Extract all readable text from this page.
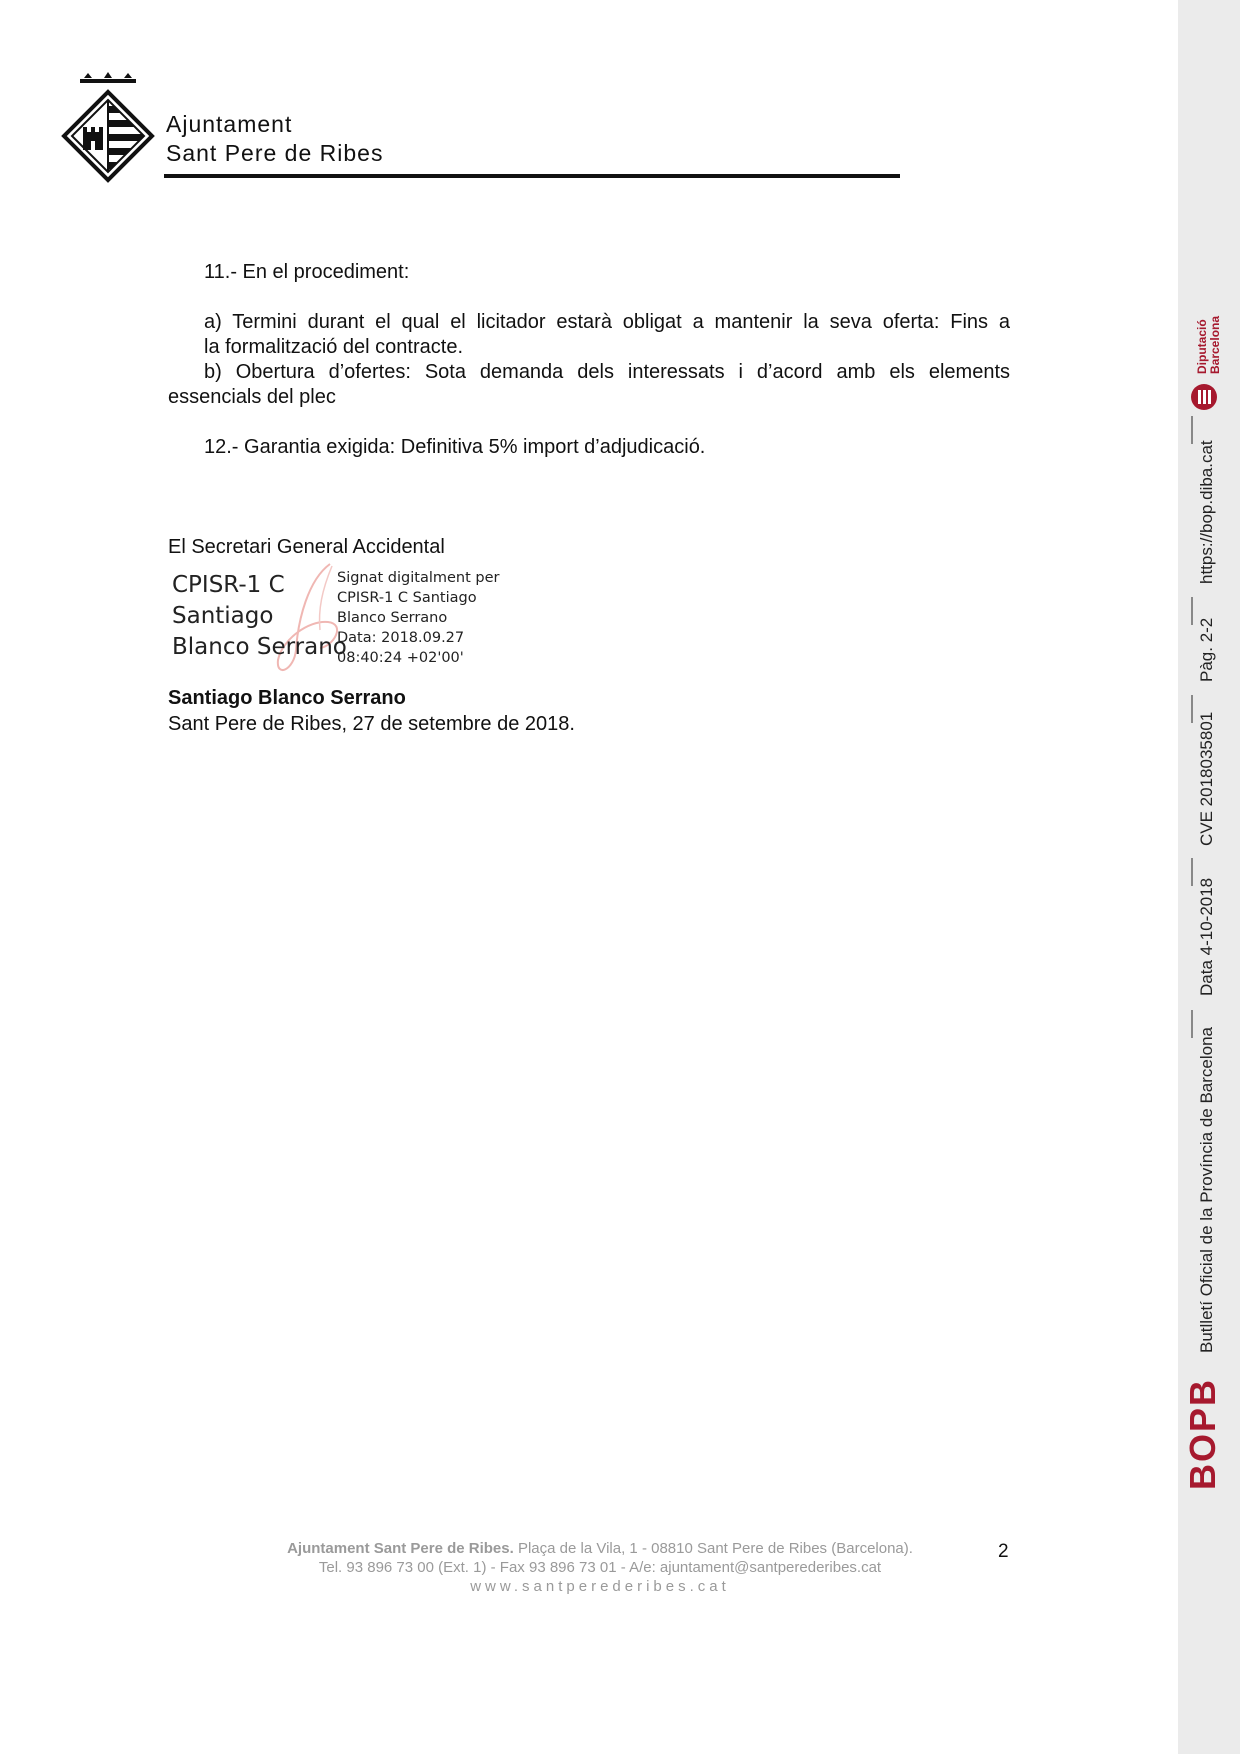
Ajuntament
Sant Pere de Ribes
11.- En el procediment:
a) Termini durant el qual el licitador estarà obligat a mantenir la seva oferta: Fins a
la formalització del contracte.
b) Obertura d’ofertes: Sota demanda dels interessats i d’acord amb els elements
essencials del plec
12.- Garantia exigida: Definitiva 5% import d’adjudicació.
El Secretari General Accidental
CPISR-1 C
Santiago
Blanco Serrano
Signat digitalment per
CPISR-1 C Santiago
Blanco Serrano
Data: 2018.09.27
08:40:24 +02'00'
Santiago Blanco Serrano
Sant Pere de Ribes, 27 de setembre de 2018.
Ajuntament Sant Pere de Ribes. Plaça de la Vila, 1 - 08810 Sant Pere de Ribes (Barcelona).
Tel. 93 896 73 00 (Ext. 1) - Fax 93 896 73 01 - A/e: ajuntament@santperederibes.cat
www.santperederibes.cat
2
Diputació Barcelona
https://bop.diba.cat
Pàg. 2-2
CVE 2018035801
Data 4-10-2018
Butlletí Oficial de la Província de Barcelona
BOPB
